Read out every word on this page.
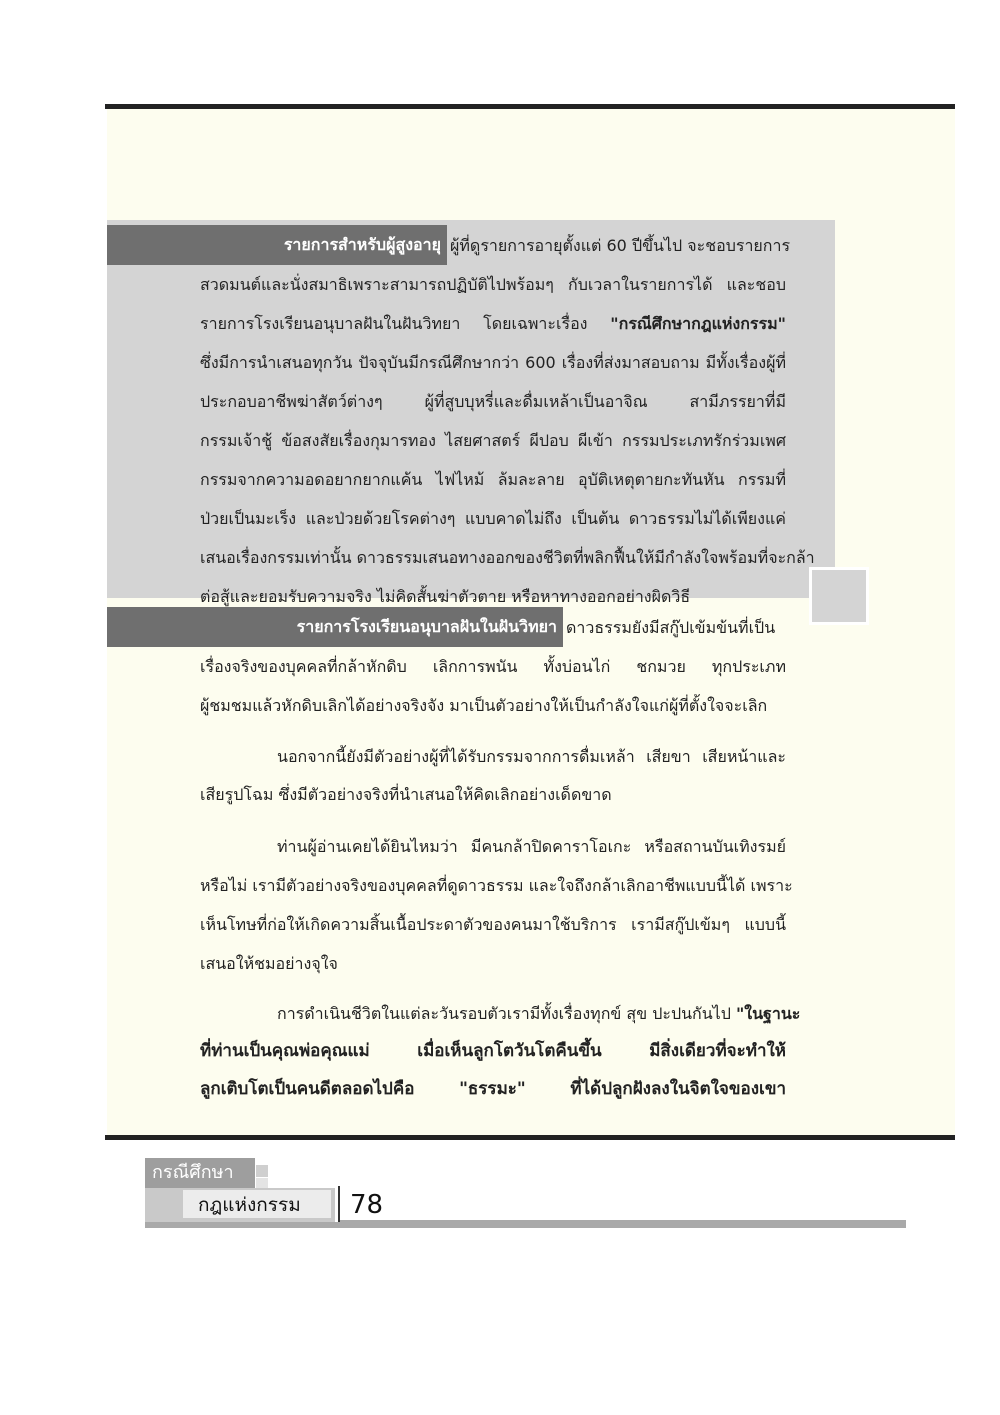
รายการสำหรับผู้สูงอายุ ผู้ที่ดูรายการอายุตั้งแต่ 60 ปีขึ้นไป จะชอบรายการ
สวดมนต์และนั่งสมาธิเพราะสามารถปฏิบัติไปพร้อมๆ กับเวลาในรายการได้ และชอบ
รายการโรงเรียนอนุบาลฝันในฝันวิทยา โดยเฉพาะเรื่อง "กรณีศึกษากฎแห่งกรรม"
ซึ่งมีการนำเสนอทุกวัน ปัจจุบันมีกรณีศึกษากว่า 600 เรื่องที่ส่งมาสอบถาม มีทั้งเรื่องผู้ที่
ประกอบอาชีพฆ่าสัตว์ต่างๆ ผู้ที่สูบบุหรี่และดื่มเหล้าเป็นอาจิณ สามีภรรยาที่มี
กรรมเจ้าชู้ ข้อสงสัยเรื่องกุมารทอง ไสยศาสตร์ ผีปอบ ผีเข้า กรรมประเภทรักร่วมเพศ
กรรมจากความอดอยากยากแค้น ไฟไหม้ ล้มละลาย อุบัติเหตุตายกะทันหัน กรรมที่
ป่วยเป็นมะเร็ง และป่วยด้วยโรคต่างๆ แบบคาดไม่ถึง เป็นต้น ดาวธรรมไม่ได้เพียงแค่
เสนอเรื่องกรรมเท่านั้น ดาวธรรมเสนอทางออกของชีวิตที่พลิกฟื้นให้มีกำลังใจพร้อมที่จะกล้า
ต่อสู้และยอมรับความจริง ไม่คิดสั้นฆ่าตัวตาย หรือหาทางออกอย่างผิดวิธี
รายการโรงเรียนอนุบาลฝันในฝันวิทยา ดาวธรรมยังมีสกู๊ปเข้มข้นที่เป็น
เรื่องจริงของบุคคลที่กล้าหักดิบ เลิกการพนัน ทั้งบ่อนไก่ ชกมวย ทุกประเภท
ผู้ชมชมแล้วหักดิบเลิกได้อย่างจริงจัง มาเป็นตัวอย่างให้เป็นกำลังใจแก่ผู้ที่ตั้งใจจะเลิก
นอกจากนี้ยังมีตัวอย่างผู้ที่ได้รับกรรมจากการดื่มเหล้า เสียขา เสียหน้าและ
เสียรูปโฉม ซึ่งมีตัวอย่างจริงที่นำเสนอให้คิดเลิกอย่างเด็ดขาด
ท่านผู้อ่านเคยได้ยินไหมว่า มีคนกล้าปิดคาราโอเกะ หรือสถานบันเทิงรมย์
หรือไม่ เรามีตัวอย่างจริงของบุคคลที่ดูดาวธรรม และใจถึงกล้าเลิกอาชีพแบบนี้ได้ เพราะ
เห็นโทษที่ก่อให้เกิดความสิ้นเนื้อประดาตัวของคนมาใช้บริการ เรามีสกู๊ปเข้มๆ แบบนี้
เสนอให้ชมอย่างจุใจ
การดำเนินชีวิตในแต่ละวันรอบตัวเรามีทั้งเรื่องทุกข์ สุข ปะปนกันไป "ในฐานะ
ที่ท่านเป็นคุณพ่อคุณแม่ เมื่อเห็นลูกโตวันโตคืนขึ้น มีสิ่งเดียวที่จะทำให้
ลูกเติบโตเป็นคนดีตลอดไปคือ "ธรรมะ" ที่ได้ปลูกฝังลงในจิตใจของเขา
กรณีศึกษา
กฎแห่งกรรม 78
